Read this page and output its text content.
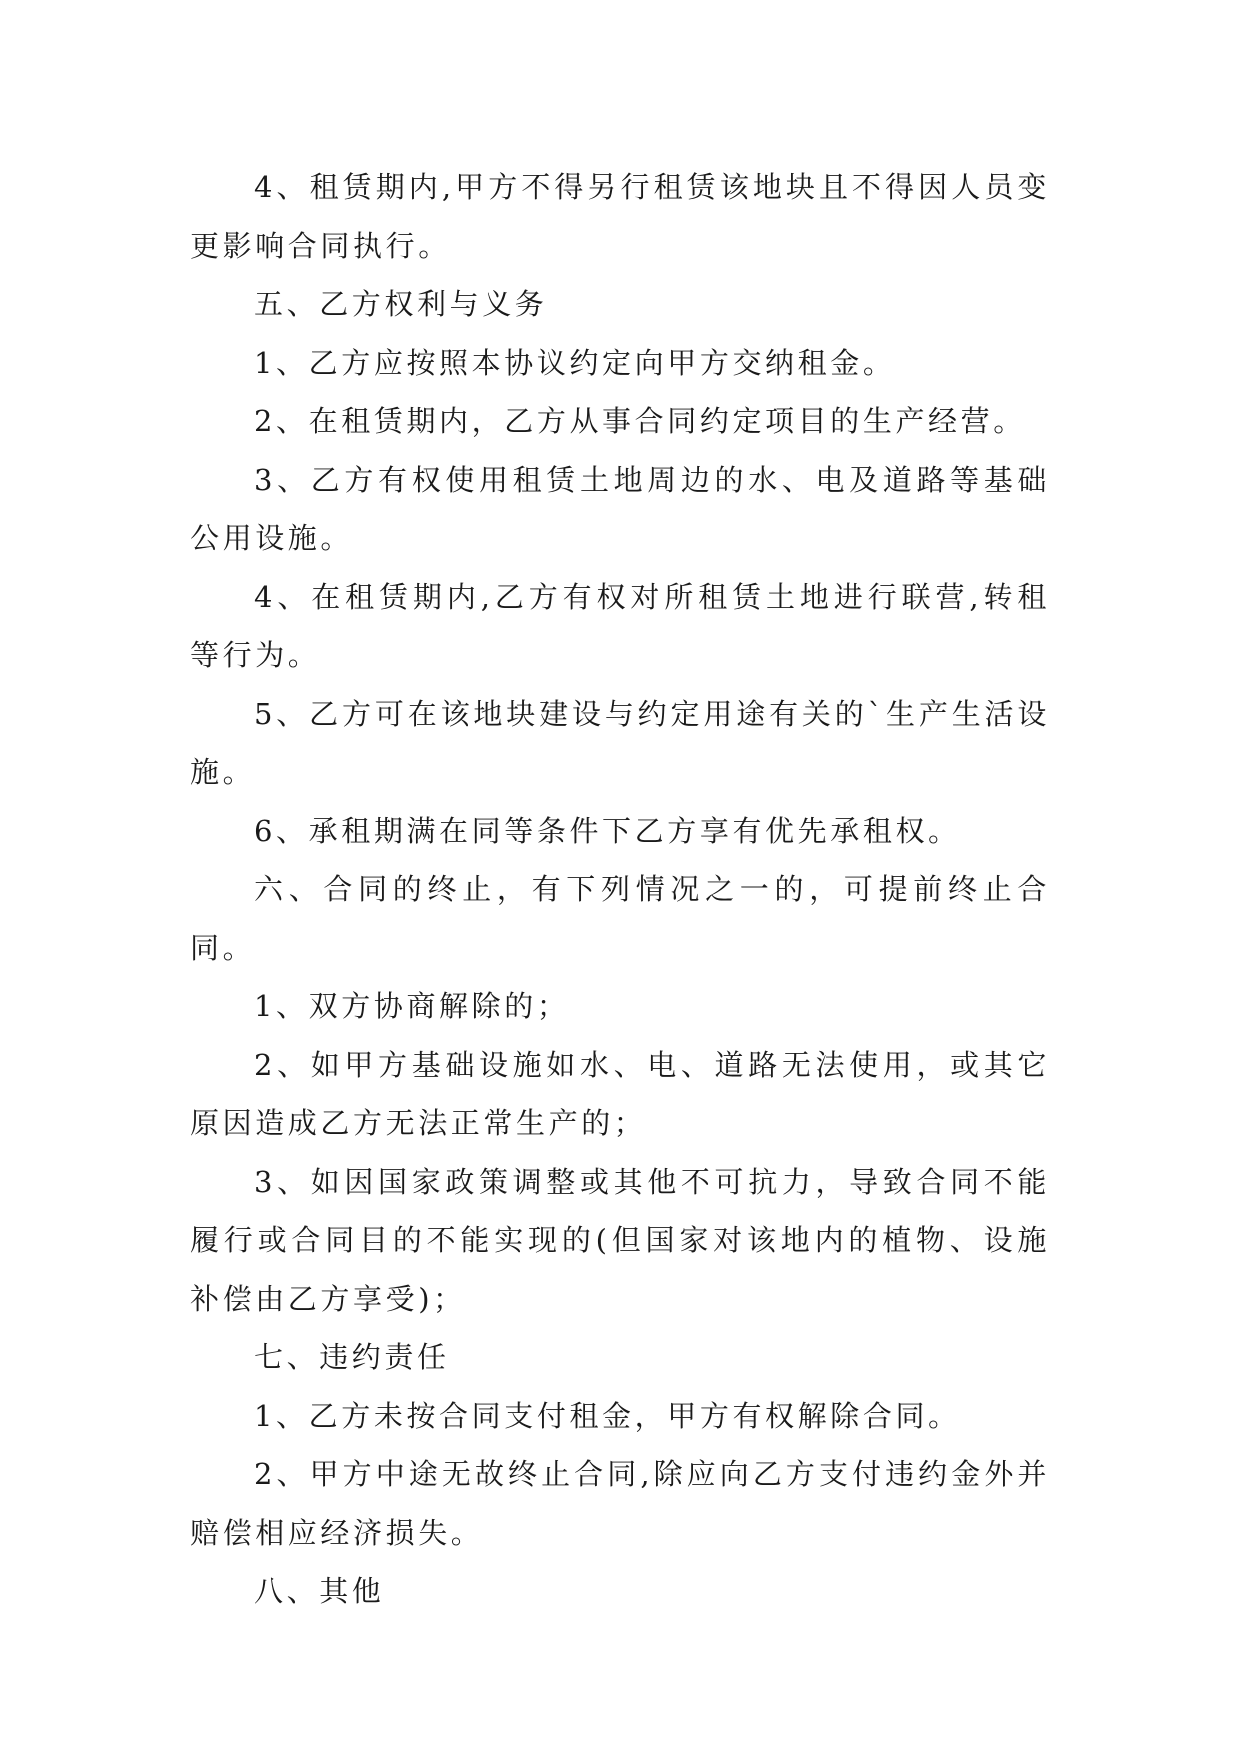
4、租赁期内,甲方不得另行租赁该地块且不得因人员变更影响合同执行。

五、乙方权利与义务

1、乙方应按照本协议约定向甲方交纳租金。

2、在租赁期内，乙方从事合同约定项目的生产经营。

3、乙方有权使用租赁土地周边的水、电及道路等基础公用设施。

4、在租赁期内,乙方有权对所租赁土地进行联营,转租等行为。

5、乙方可在该地块建设与约定用途有关的`生产生活设施。

6、承租期满在同等条件下乙方享有优先承租权。

六、合同的终止，有下列情况之一的，可提前终止合同。

1、双方协商解除的；

2、如甲方基础设施如水、电、道路无法使用，或其它原因造成乙方无法正常生产的；

3、如因国家政策调整或其他不可抗力，导致合同不能履行或合同目的不能实现的(但国家对该地内的植物、设施补偿由乙方享受)；

七、违约责任

1、乙方未按合同支付租金，甲方有权解除合同。

2、甲方中途无故终止合同,除应向乙方支付违约金外并赔偿相应经济损失。

八、其他
